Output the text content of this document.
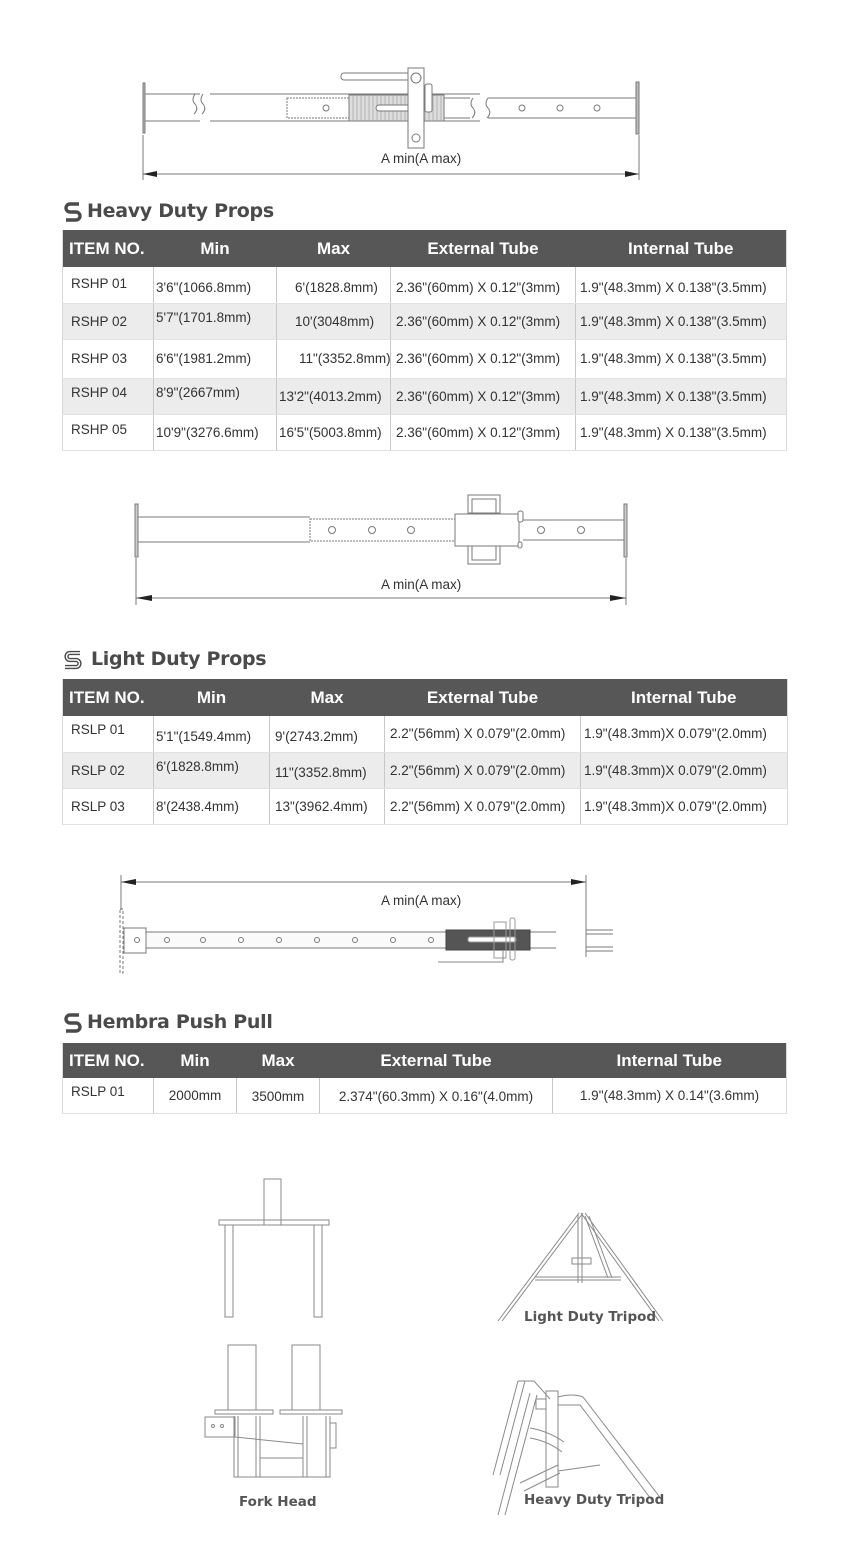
A min(A max)
Heavy Duty Props
ITEM NO.	Min	Max	External Tube	Internal Tube
RSHP 01	3'6"(1066.8mm)	6'(1828.8mm)	2.36"(60mm) X 0.12"(3mm)	1.9"(48.3mm) X 0.138"(3.5mm)
RSHP 02	5'7"(1701.8mm)	10'(3048mm)	2.36"(60mm) X 0.12"(3mm)	1.9"(48.3mm) X 0.138"(3.5mm)
RSHP 03	6'6"(1981.2mm)	11"(3352.8mm)	2.36"(60mm) X 0.12"(3mm)	1.9"(48.3mm) X 0.138"(3.5mm)
RSHP 04	8'9"(2667mm)	13'2"(4013.2mm)	2.36"(60mm) X 0.12"(3mm)	1.9"(48.3mm) X 0.138"(3.5mm)
RSHP 05	10'9"(3276.6mm)	16'5"(5003.8mm)	2.36"(60mm) X 0.12"(3mm)	1.9"(48.3mm) X 0.138"(3.5mm)
A min(A max)
Light Duty Props
ITEM NO.	Min	Max	External Tube	Internal Tube
RSLP 01	5'1"(1549.4mm)	9'(2743.2mm)	2.2"(56mm) X 0.079"(2.0mm)	1.9"(48.3mm)X 0.079"(2.0mm)
RSLP 02	6'(1828.8mm)	11"(3352.8mm)	2.2"(56mm) X 0.079"(2.0mm)	1.9"(48.3mm)X 0.079"(2.0mm)
RSLP 03	8'(2438.4mm)	13"(3962.4mm)	2.2"(56mm) X 0.079"(2.0mm)	1.9"(48.3mm)X 0.079"(2.0mm)
A min(A max)
Hembra Push Pull
ITEM NO.	Min	Max	External Tube	Internal Tube
RSLP 01	2000mm	3500mm	2.374"(60.3mm) X 0.16"(4.0mm)	1.9"(48.3mm) X 0.14"(3.6mm)
Light Duty Tripod
Fork Head	Heavy Duty Tripod
